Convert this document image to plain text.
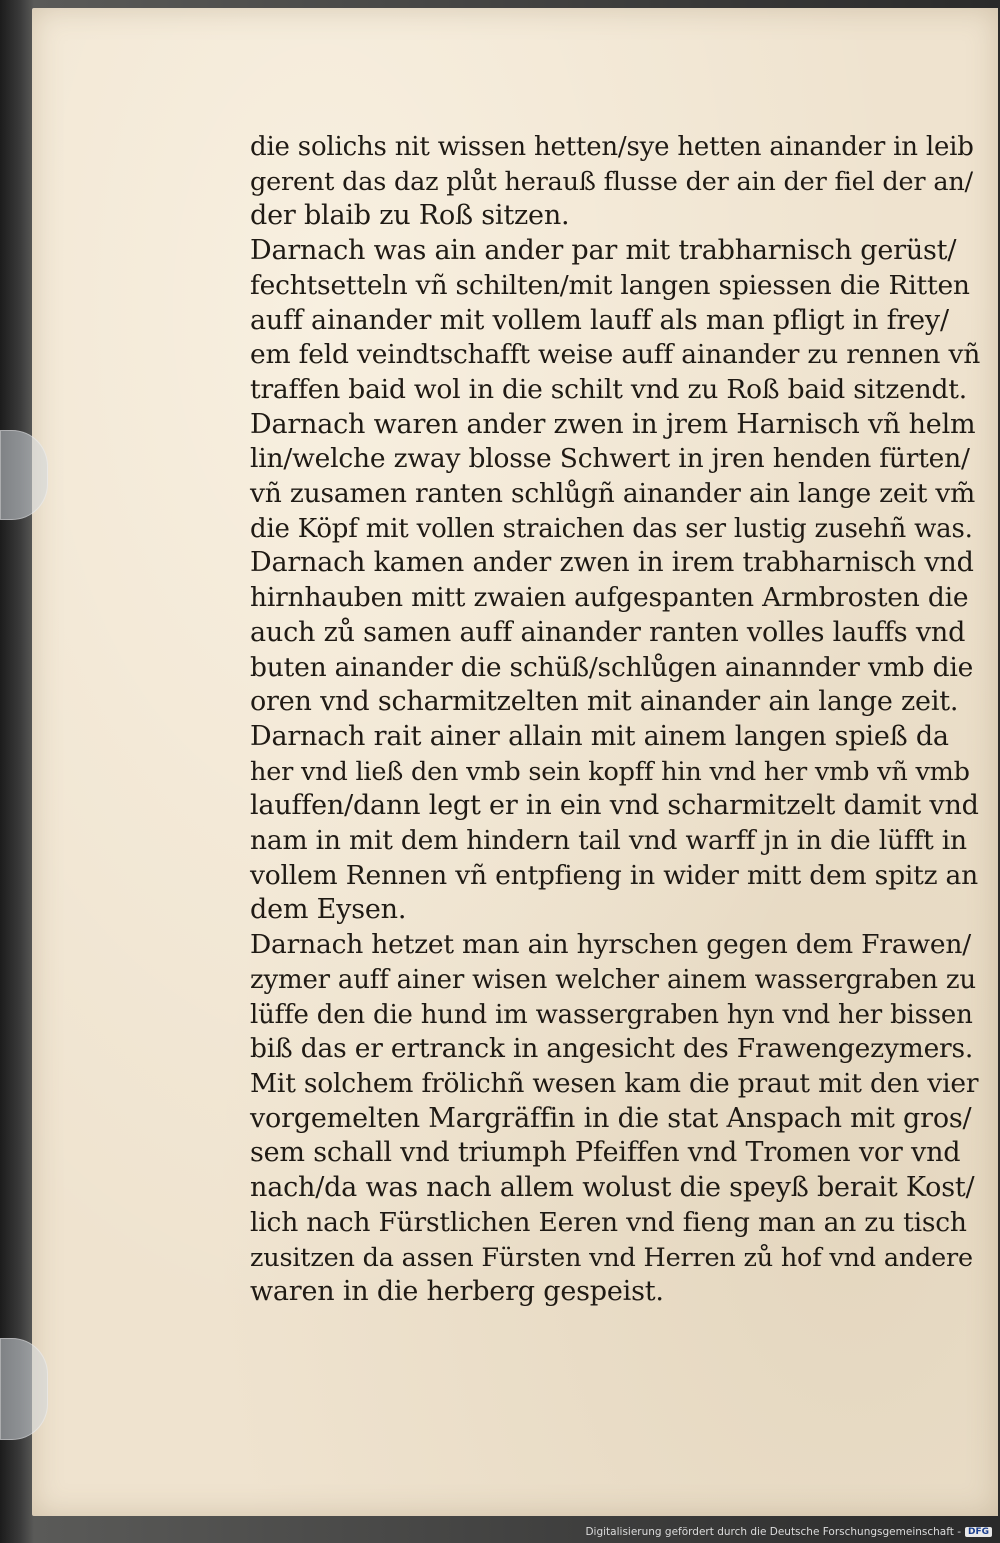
die solichs nit wissen hetten/sye hetten ainander in leib
gerent das daz plůt herauß flusse der ain der fiel der an/
der blaib zu Roß sitzen.
Darnach was ain ander par mit trabharnisch gerüst/
fechtsetteln vñ schilten/mit langen spiessen die Ritten
auff ainander mit vollem lauff als man pfligt in frey/
em feld veindtschafft weise auff ainander zu rennen vñ
traffen baid wol in die schilt vnd zu Roß baid sitzendt.
Darnach waren ander zwen in jrem Harnisch vñ helm
lin/welche zway blosse Schwert in jren henden fürten/
vñ zusamen ranten schlůgñ ainander ain lange zeit vm̃
die Köpf mit vollen straichen das ser lustig zusehñ was.
Darnach kamen ander zwen in irem trabharnisch vnd
hirnhauben mitt zwaien aufgespanten Armbrosten die
auch zů samen auff ainander ranten volles lauffs vnd
buten ainander die schüß/schlůgen ainannder vmb die
oren vnd scharmitzelten mit ainander ain lange zeit.
Darnach rait ainer allain mit ainem langen spieß da
her vnd ließ den vmb sein kopff hin vnd her vmb vñ vmb
lauffen/dann legt er in ein vnd scharmitzelt damit vnd
nam in mit dem hindern tail vnd warff jn in die lüfft in
vollem Rennen vñ entpfieng in wider mitt dem spitz an
dem Eysen.
Darnach hetzet man ain hyrschen gegen dem Frawen/
zymer auff ainer wisen welcher ainem wassergraben zu
lüffe den die hund im wassergraben hyn vnd her bissen
biß das er ertranck in angesicht des Frawengezymers.
Mit solchem frölichñ wesen kam die praut mit den vier
vorgemelten Margräffin in die stat Anspach mit gros/
sem schall vnd triumph Pfeiffen vnd Tromen vor vnd
nach/da was nach allem wolust die speyß berait Kost/
lich nach Fürstlichen Eeren vnd fieng man an zu tisch
zusitzen da assen Fürsten vnd Herren zů hof vnd andere
waren in die herberg gespeist.
Digitalisierung gefördert durch die Deutsche Forschungsgemeinschaft - DFG
